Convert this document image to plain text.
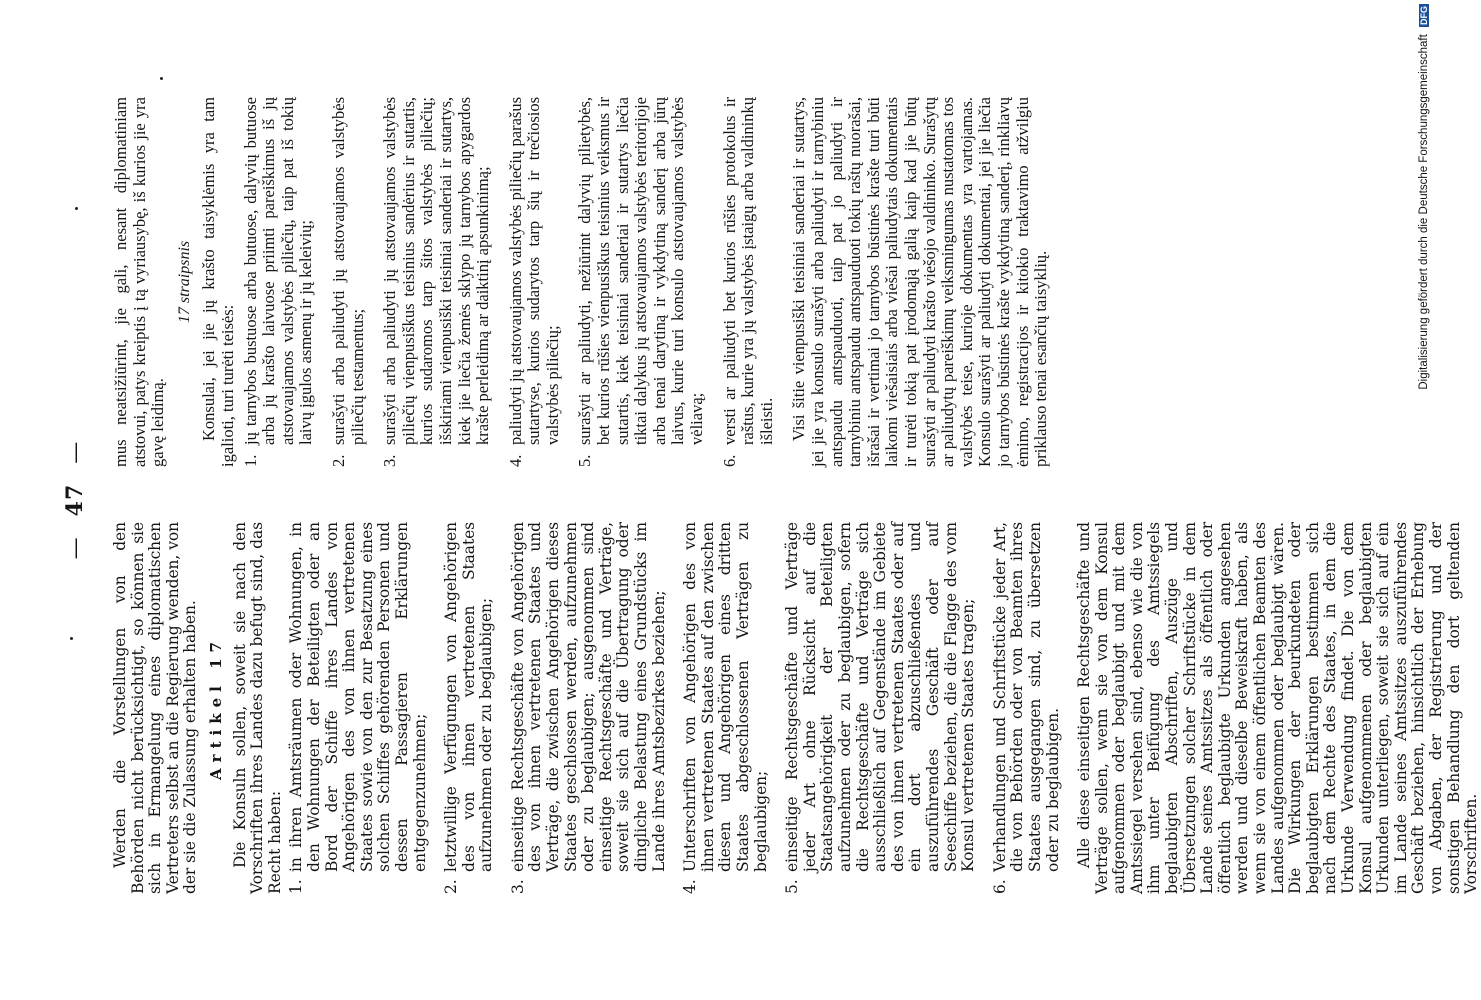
—47—

Werden die Vorstellungen von den Behörden nicht berücksichtigt, so können sie sich in Ermangelung eines diplomatischen Vertreters selbst an die Regierung wenden, von der sie die Zulassung erhalten haben. Artikel 17 Die Konsuln sollen, soweit sie nach den Vorschriften ihres Landes dazu befugt sind, das Recht haben: 1.
in ihren Amtsräumen oder Wohnungen, in den Wohnungen der Beteiligten oder an Bord der Schiffe ihres Landes von Angehörigen des von ihnen vertretenen Staates sowie von den zur Besatzung eines solchen Schiffes gehörenden Personen und dessen Passagieren Erklärungen entgegenzunehmen;
2.
letztwillige Verfügungen von Angehörigen des von ihnen vertretenen Staates aufzunehmen oder zu beglaubigen;
3.
einseitige Rechtsgeschäfte von Angehörigen des von ihnen vertretenen Staates und Verträge, die zwischen Angehörigen dieses Staates geschlossen werden, aufzunehmen oder zu beglaubigen; ausgenommen sind einseitige Rechtsgeschäfte und Verträge, soweit sie sich auf die Übertragung oder dingliche Belastung eines Grundstücks im Lande ihres Amtsbezirkes beziehen;
4.
Unterschriften von Angehörigen des von ihnen vertretenen Staates auf den zwischen diesen und Angehörigen eines dritten Staates abgeschlossenen Verträgen zu beglaubigen;
5.
einseitige Rechtsgeschäfte und Verträge jeder Art ohne Rücksicht auf die Staatsangehörigkeit der Beteiligten aufzunehmen oder zu beglaubigen, sofern die Rechtsgeschäfte und Verträge sich ausschließlich auf Gegenstände im Gebiete des von ihnen vertretenen Staates oder auf ein dort abzuschließendes und auszuführendes Geschäft oder auf Seeschiffe beziehen, die die Flagge des vom Konsul vertretenen Staates tragen;
6.
Verhandlungen und Schriftstücke jeder Art, die von Behörden oder von Beamten ihres Staates ausgegangen sind, zu übersetzen oder zu beglaubigen. Alle diese einseitigen Rechtsgeschäfte und Verträge sollen, wenn sie von dem Konsul aufgenommen oder beglaubigt und mit dem Amtssiegel versehen sind, ebenso wie die von ihm unter Beifügung des Amtssiegels beglaubigten Abschriften, Auszüge und Übersetzungen solcher Schriftstücke in dem Lande seines Amtssitzes als öffentlich oder öffentlich beglaubigte Urkunden angesehen werden und dieselbe Beweiskraft haben, als wenn sie von einem öffentlichen Beamten des Landes aufgenommen oder beglaubigt wären. Die Wirkungen der beurkundeten oder beglaubigten Erklärungen bestimmen sich nach dem Rechte des Staates, in dem die Urkunde Verwendung findet. Die von dem Konsul aufgenommenen oder beglaubigten Urkunden unterliegen, soweit sie sich auf ein im Lande seines Amtssitzes auszuführendes Geschäft beziehen, hinsichtlich der Erhebung von Abgaben, der Registrierung und der sonstigen Behandlung den dort geltenden Vorschriften.

mus neatsižiūrint, jie gali, nesant diplomatiniam atstovui, patys kreiptis į tą vyriausybę, iš kurios jie yra gavę leidimą.

17 straipsnis Konsulai, jei jie jų krašto taisyklėmis yra tam igalioti, turi turėti teisės: 1.
jų tarnybos bustuose arba butuose, dalyvių butuose arba jų krašto laivuose priimti pareiškimus iš jų atstovaujamos valstybės piliečių, taip pat iš tokių laivų įgulos asmenų ir jų keleivių;
2.
surašyti arba paliudyti jų atstovaujamos valstybės piliečių testamentus;
3.
surašyti arba paliudyti jų atstovaujamos valstybės piliečių vienpusiškus teisinius sandėrius ir sutartis, kurios sudaromos tarp šitos valstybės piliečių; išskiriami vienpusiški teisiniai sanderiai ir sutartys, kiek jie liečia žemės sklypo jų tarnybos apygardos krašte perleidimą ar daiktinį apsunkinimą;
4.
paliudyti jų atstovaujamos valstybės piliečių parašus sutartyse, kurios sudarytos tarp šių ir trečiosios valstybės piliečių;
5.
surašyti ar paliudyti, nežiūrint dalyvių pilietybės, bet kurios rūšies vienpusiškus teisinius veiksmus ir sutartis, kiek teisiniai sanderiai ir sutartys liečia tiktai dalykus jų atstovaujamos valstybės teritorijoje arba tenai darytiną ir vykdytiną sanderį arba jūrų laivus, kurie turi konsulo atstovaujamos valstybės vėliavą;
6.
versti ar paliudyti bet kurios rūšies protokolus ir raštus, kurie yra jų valstybės įstaigų arba valdininkų išleisti. Visi šitie vienpusiški teisiniai sanderiai ir sutartys, jei jie yra konsulo surašyti arba paliudyti ir tarnybiniu antspaudu antspauduoti, taip pat jo paliudyti ir tarnybiniu antspaudu antspauduoti tokių raštų nuorašai, išrašai ir vertimai jo tarnybos būstinės krašte turi būti laikomi viešaisiais arba viešai paliudytais dokumentais ir turėti tokią pat įrodomąją galią kaip kad jie būtų surašyti ar paliudyti krašto viešojo valdininko. Surašytų ar paliudytų pareiškimų veiksmingumas nustatomas tos valstybės teise, kurioje dokumentas yra vartojamas. Konsulo surašyti ar paliudyti dokumentai, jei jie liečia jo tarnybos būstinės krašte vykdytiną sanderį, rinkliavų ėmimo, registracijos ir kitokio traktavimo atžvilgiu priklauso tenai esančių taisyklių.	Digitalisierung gefördert durch die Deutsche Forschungsgemeinschaft DFG
